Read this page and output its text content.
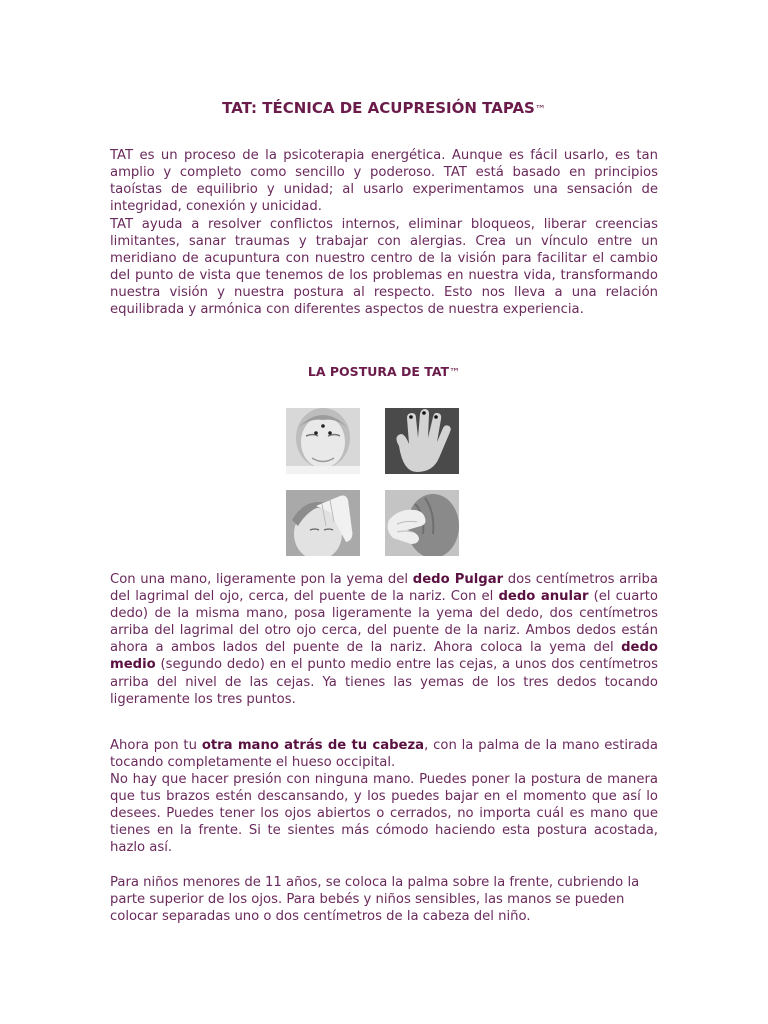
TAT: TÉCNICA DE ACUPRESIÓN TAPAS™

TAT es un proceso de la psicoterapia energética. Aunque es fácil usarlo, es tan amplio y completo como sencillo y poderoso. TAT está basado en principios taoístas de equilibrio y unidad; al usarlo experimentamos una sensación de integridad, conexión y unicidad.

TAT ayuda a resolver conflictos internos, eliminar bloqueos, liberar creencias limitantes, sanar traumas y trabajar con alergias. Crea un vínculo entre un meridiano de acupuntura con nuestro centro de la visión para facilitar el cambio del punto de vista que tenemos de los problemas en nuestra vida, transformando nuestra visión y nuestra postura al respecto. Esto nos lleva a una relación equilibrada y armónica con diferentes aspectos de nuestra experiencia.

LA POSTURA DE TAT™

Con una mano, ligeramente pon la yema del dedo Pulgar dos centímetros arriba del lagrimal del ojo, cerca, del puente de la nariz. Con el dedo anular (el cuarto dedo) de la misma mano, posa ligeramente la yema del dedo, dos centímetros arriba del lagrimal del otro ojo cerca, del puente de la nariz. Ambos dedos están ahora a ambos lados del puente de la nariz. Ahora coloca la yema del dedo medio (segundo dedo) en el punto medio entre las cejas, a unos dos centímetros arriba del nivel de las cejas. Ya tienes las yemas de los tres dedos tocando ligeramente los tres puntos.

Ahora pon tu otra mano atrás de tu cabeza, con la palma de la mano estirada tocando completamente el hueso occipital.

No hay que hacer presión con ninguna mano. Puedes poner la postura de manera que tus brazos estén descansando, y los puedes bajar en el momento que así lo desees. Puedes tener los ojos abiertos o cerrados, no importa cuál es mano que tienes en la frente. Si te sientes más cómodo haciendo esta postura acostada, hazlo así.

Para niños menores de 11 años, se coloca la palma sobre la frente, cubriendo la parte superior de los ojos. Para bebés y niños sensibles, las manos se pueden colocar separadas uno o dos centímetros de la cabeza del niño.
